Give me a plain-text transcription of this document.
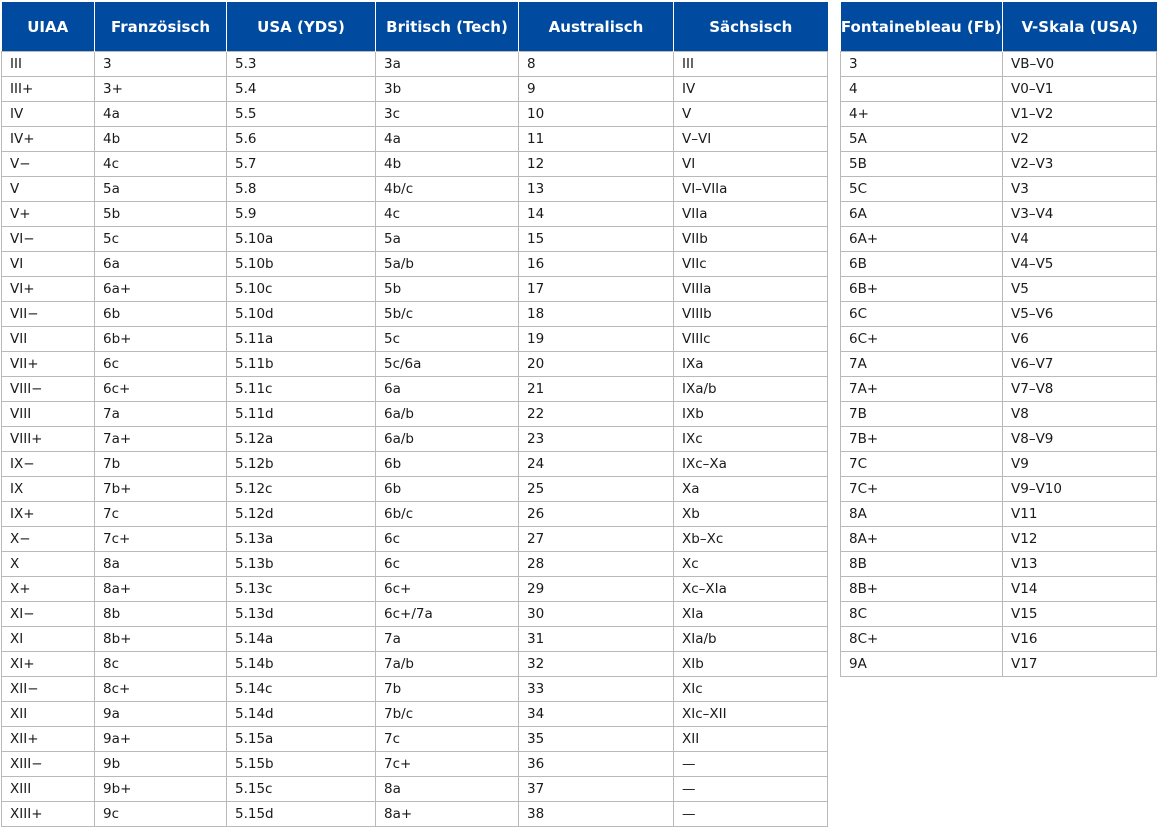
UIAA	Französisch	USA (YDS)	Britisch (Tech)	Australisch	Sächsisch
III	3	5.3	3a	8	III
III+	3+	5.4	3b	9	IV
IV	4a	5.5	3c	10	V
IV+	4b	5.6	4a	11	V–VI
V−	4c	5.7	4b	12	VI
V	5a	5.8	4b/c	13	VI–VIIa
V+	5b	5.9	4c	14	VIIa
VI−	5c	5.10a	5a	15	VIIb
VI	6a	5.10b	5a/b	16	VIIc
VI+	6a+	5.10c	5b	17	VIIIa
VII−	6b	5.10d	5b/c	18	VIIIb
VII	6b+	5.11a	5c	19	VIIIc
VII+	6c	5.11b	5c/6a	20	IXa
VIII−	6c+	5.11c	6a	21	IXa/b
VIII	7a	5.11d	6a/b	22	IXb
VIII+	7a+	5.12a	6a/b	23	IXc
IX−	7b	5.12b	6b	24	IXc–Xa
IX	7b+	5.12c	6b	25	Xa
IX+	7c	5.12d	6b/c	26	Xb
X−	7c+	5.13a	6c	27	Xb–Xc
X	8a	5.13b	6c	28	Xc
X+	8a+	5.13c	6c+	29	Xc–XIa
XI−	8b	5.13d	6c+/7a	30	XIa
XI	8b+	5.14a	7a	31	XIa/b
XI+	8c	5.14b	7a/b	32	XIb
XII−	8c+	5.14c	7b	33	XIc
XII	9a	5.14d	7b/c	34	XIc–XII
XII+	9a+	5.15a	7c	35	XII
XIII−	9b	5.15b	7c+	36	—
XIII	9b+	5.15c	8a	37	—
XIII+	9c	5.15d	8a+	38	—
Fontainebleau (Fb)	V-Skala (USA)
3	VB–V0
4	V0–V1
4+	V1–V2
5A	V2
5B	V2–V3
5C	V3
6A	V3–V4
6A+	V4
6B	V4–V5
6B+	V5
6C	V5–V6
6C+	V6
7A	V6–V7
7A+	V7–V8
7B	V8
7B+	V8–V9
7C	V9
7C+	V9–V10
8A	V11
8A+	V12
8B	V13
8B+	V14
8C	V15
8C+	V16
9A	V17
